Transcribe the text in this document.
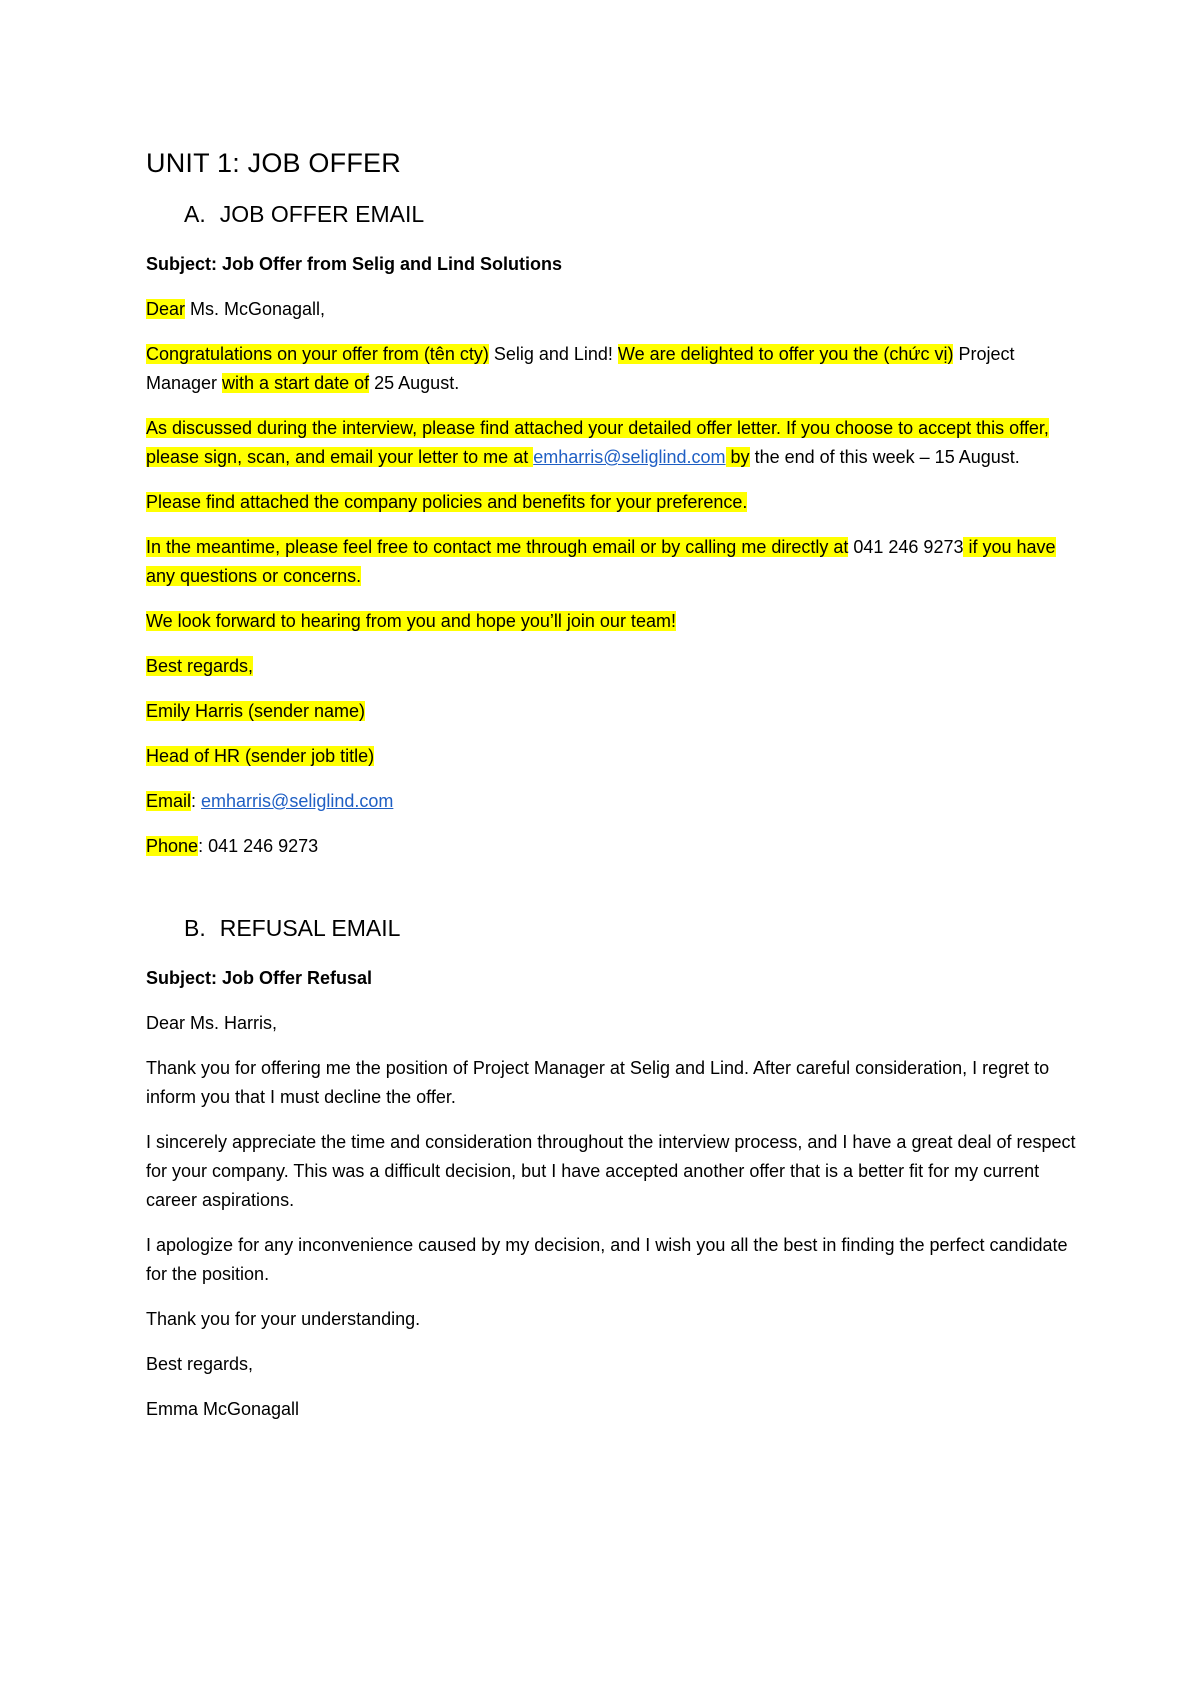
UNIT 1: JOB OFFER
A. JOB OFFER EMAIL

Subject: Job Offer from Selig and Lind Solutions

Dear Ms. McGonagall,

Congratulations on your offer from (tên cty) Selig and Lind! We are delighted to offer you the (chức vị) Project Manager with a start date of 25 August.

As discussed during the interview, please find attached your detailed offer letter. If you choose to accept this offer, please sign, scan, and email your letter to me at emharris@seliglind.com by the end of this week – 15 August.

Please find attached the company policies and benefits for your preference.

In the meantime, please feel free to contact me through email or by calling me directly at 041 246 9273 if you have any questions or concerns.

We look forward to hearing from you and hope you’ll join our team!

Best regards,

Emily Harris (sender name)

Head of HR (sender job title)

Email: emharris@seliglind.com

Phone: 041 246 9273

B. REFUSAL EMAIL

Subject: Job Offer Refusal

Dear Ms. Harris,

Thank you for offering me the position of Project Manager at Selig and Lind. After careful consideration, I regret to inform you that I must decline the offer.

I sincerely appreciate the time and consideration throughout the interview process, and I have a great deal of respect for your company. This was a difficult decision, but I have accepted another offer that is a better fit for my current career aspirations.

I apologize for any inconvenience caused by my decision, and I wish you all the best in finding the perfect candidate for the position.

Thank you for your understanding.

Best regards,

Emma McGonagall
